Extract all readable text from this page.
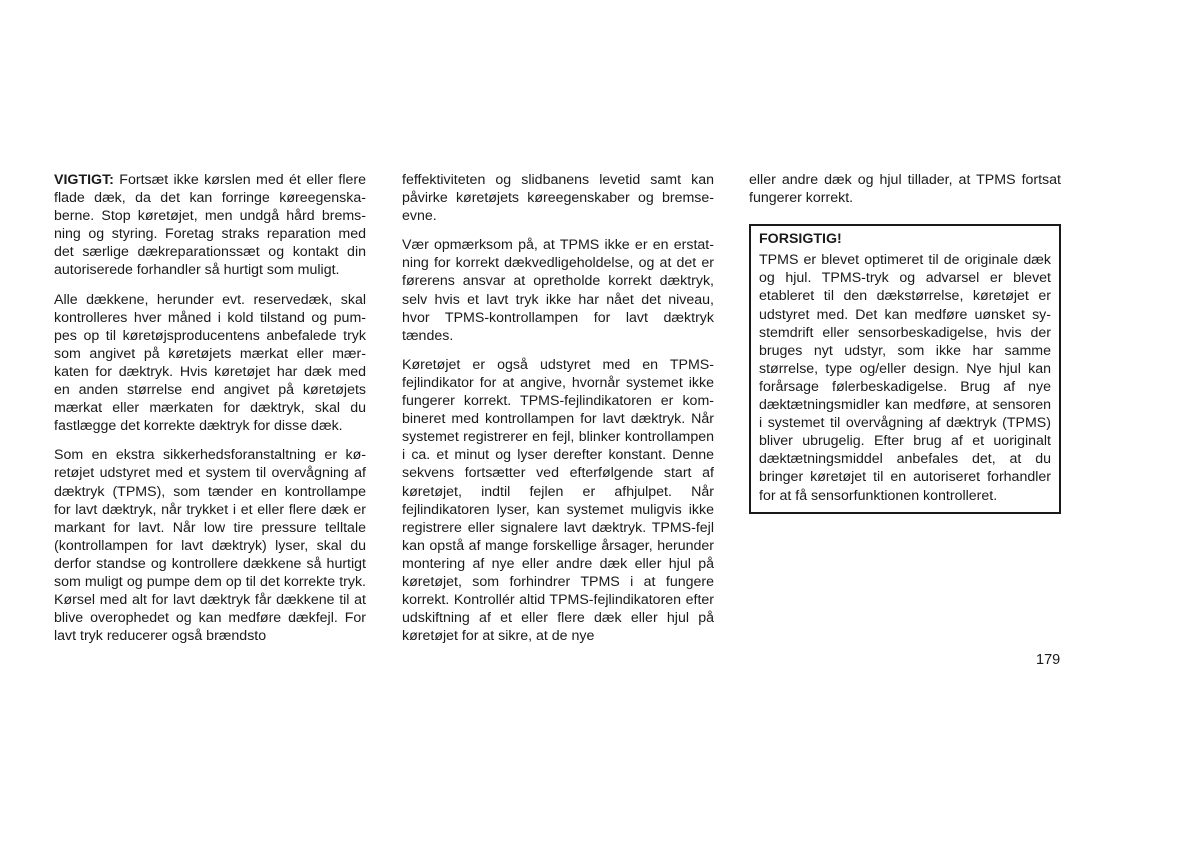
VIGTIGT: Fortsæt ikke kørslen med ét eller flere flade dæk, da det kan forringe køreegenskaberne. Stop køretøjet, men undgå hård bremsning og styring. Foretag straks reparation med det særlige dækreparationssæt og kontakt din autoriserede forhandler så hurtigt som muligt.

Alle dækkene, herunder evt. reservedæk, skal kontrolleres hver måned i kold tilstand og pumpes op til køretøjsproducentens anbefalede tryk som angivet på køretøjets mærkat eller mærkaten for dæktryk. Hvis køretøjet har dæk med en anden størrelse end angivet på køretøjets mærkat eller mærkaten for dæktryk, skal du fastlægge det korrekte dæktryk for disse dæk.

Som en ekstra sikkerhedsforanstaltning er køretøjet udstyret med et system til overvågning af dæktryk (TPMS), som tænder en kontrollampe for lavt dæktryk, når trykket i et eller flere dæk er markant for lavt. Når low tire pressure telltale (kontrollampen for lavt dæktryk) lyser, skal du derfor standse og kontrollere dækkene så hurtigt som muligt og pumpe dem op til det korrekte tryk. Kørsel med alt for lavt dæktryk får dækkene til at blive overophedet og kan medføre dækfejl. For lavt tryk reducerer også brændsto

feffektiviteten og slidbanens levetid samt kan påvirke køretøjets køreegenskaber og bremseevne.

Vær opmærksom på, at TPMS ikke er en erstatning for korrekt dækvedligeholdelse, og at det er førerens ansvar at opretholde korrekt dæktryk, selv hvis et lavt tryk ikke har nået det niveau, hvor TPMS-kontrollampen for lavt dæktryk tændes.

Køretøjet er også udstyret med en TPMS-fejlindikator for at angive, hvornår systemet ikke fungerer korrekt. TPMS-fejlindikatoren er kombineret med kontrollampen for lavt dæktryk. Når systemet registrerer en fejl, blinker kontrollampen i ca. et minut og lyser derefter konstant. Denne sekvens fortsætter ved efterfølgende start af køretøjet, indtil fejlen er afhjulpet. Når fejlindikatoren lyser, kan systemet muligvis ikke registrere eller signalere lavt dæktryk. TPMS-fejl kan opstå af mange forskellige årsager, herunder montering af nye eller andre dæk eller hjul på køretøjet, som forhindrer TPMS i at fungere korrekt. Kontrollér altid TPMS-fejlindikatoren efter udskiftning af et eller flere dæk eller hjul på køretøjet for at sikre, at de nye

eller andre dæk og hjul tillader, at TPMS fortsat fungerer korrekt.

FORSIGTIG!

TPMS er blevet optimeret til de originale dæk og hjul. TPMS-tryk og advarsel er blevet etableret til den dækstørrelse, køretøjet er udstyret med. Det kan medføre uønsket systemdrift eller sensorbeskadigelse, hvis der bruges nyt udstyr, som ikke har samme størrelse, type og/eller design. Nye hjul kan forårsage følerbeskadigelse. Brug af nye dæktætningsmidler kan medføre, at sensoren i systemet til overvågning af dæktryk (TPMS) bliver ubrugelig. Efter brug af et uoriginalt dæktætningsmiddel anbefales det, at du bringer køretøjet til en autoriseret forhandler for at få sensorfunktionen kontrolleret.

179
